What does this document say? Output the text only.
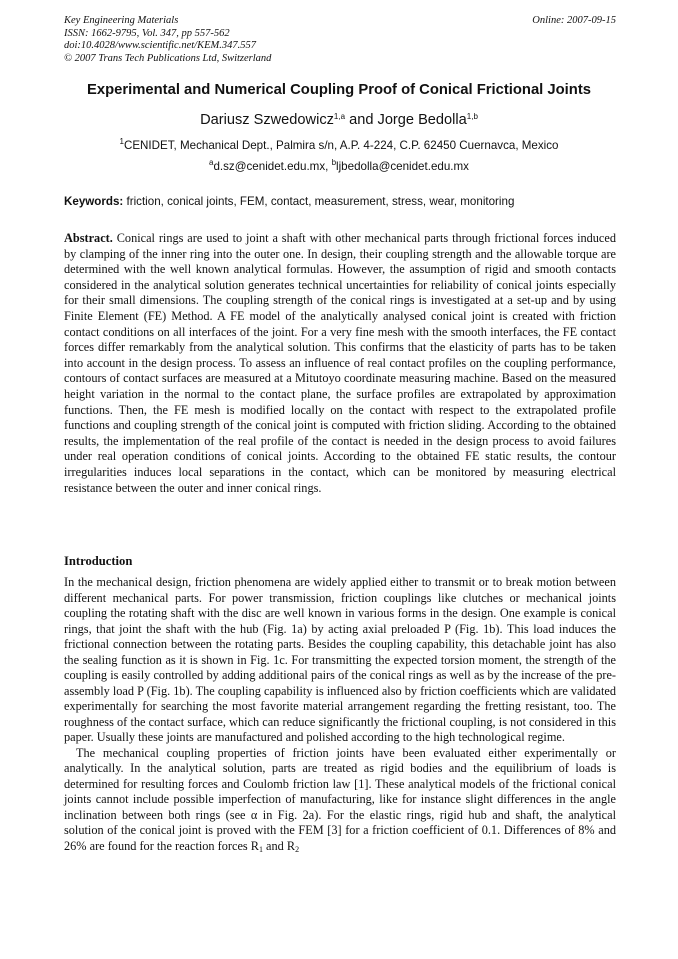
Key Engineering Materials
ISSN: 1662-9795, Vol. 347, pp 557-562
doi:10.4028/www.scientific.net/KEM.347.557
© 2007 Trans Tech Publications Ltd, Switzerland
Online: 2007-09-15
Experimental and Numerical Coupling Proof of Conical Frictional Joints
Dariusz Szwedowicz$^{1,a}$ and Jorge Bedolla$^{1,b}$
$^1$CENIDET, Mechanical Dept., Palmira s/n, A.P. 4-224, C.P. 62450 Cuernavca, Mexico
$^a$d.sz@cenidet.edu.mx, $^b$ljbedolla@cenidet.edu.mx
Keywords: friction, conical joints, FEM, contact, measurement, stress, wear, monitoring
Abstract. Conical rings are used to joint a shaft with other mechanical parts through frictional forces induced by clamping of the inner ring into the outer one. In design, their coupling strength and the allowable torque are determined with the well known analytical formulas. However, the assumption of rigid and smooth contacts considered in the analytical solution generates technical uncertainties for reliability of conical joints especially for their small dimensions. The coupling strength of the conical rings is investigated at a set-up and by using Finite Element (FE) Method. A FE model of the analytically analysed conical joint is created with friction contact conditions on all interfaces of the joint. For a very fine mesh with the smooth interfaces, the FE contact forces differ remarkably from the analytical solution. This confirms that the elasticity of parts has to be taken into account in the design process. To assess an influence of real contact profiles on the coupling performance, contours of contact surfaces are measured at a Mitutoyo coordinate measuring machine. Based on the measured height variation in the normal to the contact plane, the surface profiles are extrapolated by approximation functions. Then, the FE mesh is modified locally on the contact with respect to the extrapolated profile functions and coupling strength of the conical joint is computed with friction sliding. According to the obtained results, the implementation of the real profile of the contact is needed in the design process to avoid failures under real operation conditions of conical joints. According to the obtained FE static results, the contour irregularities induces local separations in the contact, which can be monitored by measuring electrical resistance between the outer and inner conical rings.
Introduction

In the mechanical design, friction phenomena are widely applied either to transmit or to break motion between different mechanical parts. For power transmission, friction couplings like clutches or mechanical joints coupling the rotating shaft with the disc are well known in various forms in the design. One example is conical rings, that joint the shaft with the hub (Fig. 1a) by acting axial preloaded P (Fig. 1b). This load induces the frictional connection between the rotating parts. Besides the coupling capability, this detachable joint has also the sealing function as it is shown in Fig. 1c. For transmitting the expected torsion moment, the strength of the coupling is easily controlled by adding additional pairs of the conical rings as well as by the increase of the pre-assembly load P (Fig. 1b). The coupling capability is influenced also by friction coefficients which are validated experimentally for searching the most favorite material arrangement regarding the fretting resistant, too. The roughness of the contact surface, which can reduce significantly the frictional coupling, is not considered in this paper. Usually these joints are manufactured and polished according to the high technological regime.

The mechanical coupling properties of friction joints have been evaluated either experimentally or analytically. In the analytical solution, parts are treated as rigid bodies and the equilibrium of loads is determined for resulting forces and Coulomb friction law [1]. These analytical models of the frictional conical joints cannot include possible imperfection of manufacturing, like for instance slight differences in the angle inclination between both rings (see α in Fig. 2a). For the elastic rings, rigid hub and shaft, the analytical solution of the conical joint is proved with the FEM [3] for a friction coefficient of 0.1. Differences of 8% and 26% are found for the reaction forces $R_1$ and $R_2$
